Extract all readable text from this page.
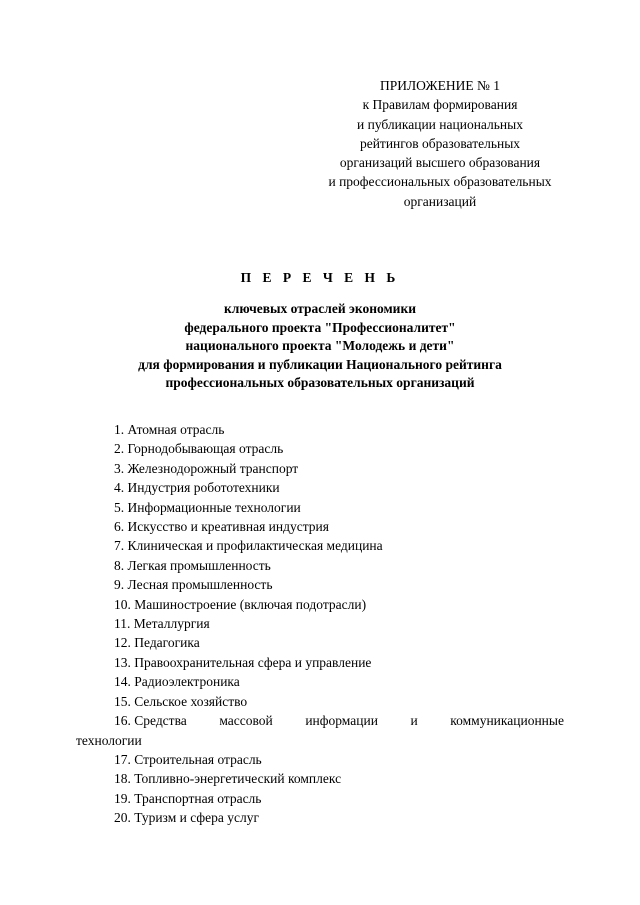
ПРИЛОЖЕНИЕ № 1
к Правилам формирования
и публикации национальных
рейтингов образовательных
организаций высшего образования
и профессиональных образовательных
организаций
П Е Р Е Ч Е Н Ь
ключевых отраслей экономики
федерального проекта "Профессионалитет"
национального проекта "Молодежь и дети"
для формирования и публикации Национального рейтинга
профессиональных образовательных организаций
1. Атомная отрасль
2. Горнодобывающая отрасль
3. Железнодорожный транспорт
4. Индустрия робототехники
5. Информационные технологии
6. Искусство и креативная индустрия
7. Клиническая и профилактическая медицина
8. Легкая промышленность
9. Лесная промышленность
10. Машиностроение (включая подотрасли)
11. Металлургия
12. Педагогика
13. Правоохранительная сфера и управление
14. Радиоэлектроника
15. Сельское хозяйство
16. Средства массовой информации и коммуникационные
технологии
17. Строительная отрасль
18. Топливно-энергетический комплекс
19. Транспортная отрасль
20. Туризм и сфера услуг
